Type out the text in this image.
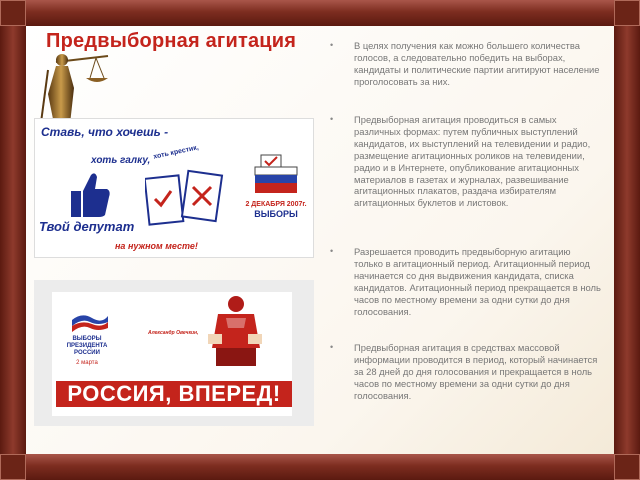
Предвыборная агитация
Ставь, что хочешь -
хоть крестик,
хоть галку,
Твой депутат
на нужном месте!
2 ДЕКАБРЯ 2007г.
ВЫБОРЫ
ВЫБОРЫ ПРЕЗИДЕНТА РОССИИ
2 марта
Александр Овечкин,
РОССИЯ, ВПЕРЕД!
•	В целях получения как можно большего количества голосов, а следовательно победить на выборах, кандидаты и политические партии агитируют население проголосовать за них.
•	Предвыборная агитация проводиться в самых различных формах: путем публичных выступлений кандидатов, их выступлений на телевидении и радио, размещение агитационных роликов на телевидении, радио и в Интернете, опубликование агитационных материалов в газетах и журналах, развешивание агитационных плакатов, раздача избирателям агитационных буклетов и листовок.
•	Разрешается проводить предвыборную агитацию только в агитационный период. Агитационный период начинается со дня выдвижения кандидата, списка кандидатов. Агитационный период прекращается в ноль часов по местному времени за одни сутки до дня голосования.
•	Предвыборная агитация в средствах массовой информации проводится в период, который начинается за 28 дней до дня голосования и прекращается в ноль часов по местному времени за одни сутки до дня голосования.
